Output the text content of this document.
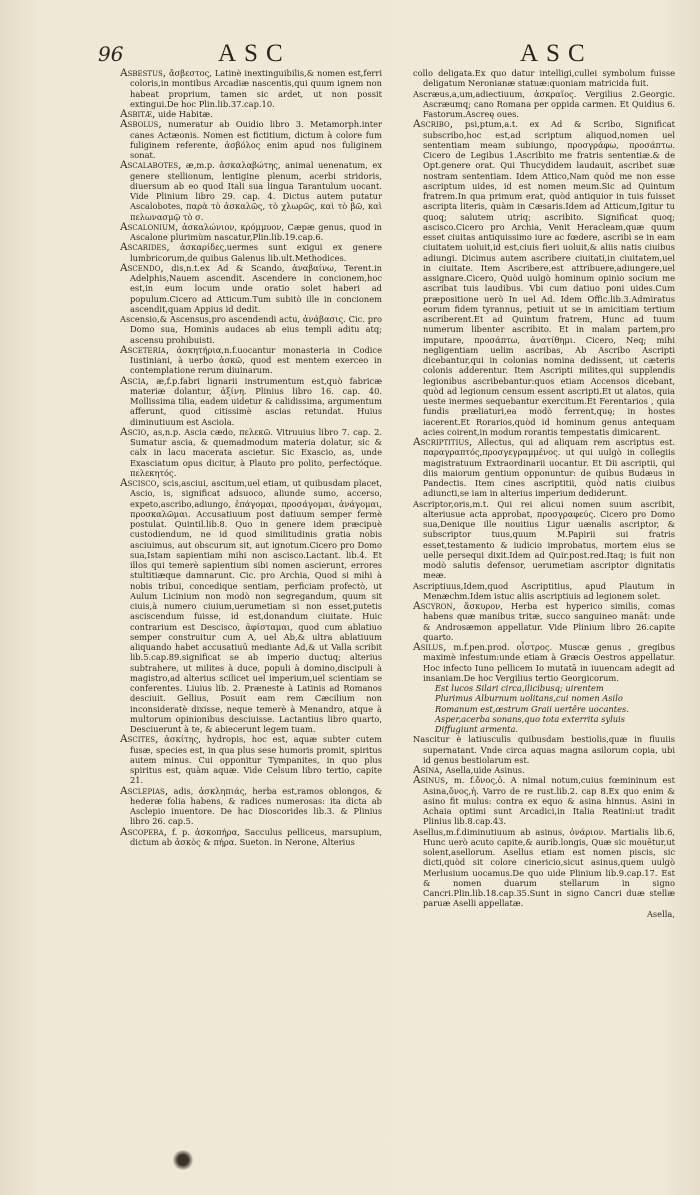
96	ASC	ASC

Asbestus, ἄσβεστος, Latinè inextinguibilis,& nomen est,ferri coloris,in montibus Arcadiæ nascentis,qui quum ignem non habeat proprium, tamen sic ardet, ut non possit extingui.De hoc Plin.lib.37.cap.10.

Asbitæ, uide Habitæ.

Asbolus, numeratur ab Ouidio libro 3. Metamorph.inter canes Actæonis. Nomen est fictitium, dictum à colore fum fuliginem referente, ἀσβόλος enim apud nos fuliginem sonat.

Ascalabotes, æ,m.p. ἀσκαλαβώτης, animal uenenatum, ex genere stellionum, lentigine plenum, acerbi stridoris, diuersum ab eo quod Itali sua lingua Tarantulum uocant. Vide Plinium libro 29. cap. 4. Dictus autem putatur Ascalobotes, παρὰ τὸ ἀσκαλῶς, τὸ χλωρῶς, καὶ τὸ βῶ, καὶ πελωνασμῷ τὸ σ.

Ascalonium, ἀσκαλώνιον, κρόμμυον, Cæpæ genus, quod in Ascalone plurimùm nascatur,Plin.lib.19.cap.6.

Ascarides, ἀσκαρίδες,uermes sunt exigui ex genere lumbricorum,de quibus Galenus lib.ult.Methodices.

Ascendo, dis,n.t.ex Ad & Scando, ἀναβαίνω, Terent.in Adelphis,Nauem ascendit. Ascendere in concionem,hoc est,in eum locum unde oratio solet haberi ad populum.Cicero ad Atticum.Tum subitò ille in concionem ascendit,quam Appius id dedit.

Ascensio,& Ascensus,pro ascendendi actu, ἀνάβασις. Cic. pro Domo sua, Hominis audaces ab eius templi aditu atq; ascensu prohibuisti.

Asceteria, ἀσκητήρια,n.f.uocantur monasteria in Codice Iustiniani, à uerbo ἀσκῶ, quod est mentem exerceo in contemplatione rerum diuinarum.

Ascia, æ,f.p.fabri lignarii instrumentum est,quò fabricæ materiæ dolantur, ἀξίνη. Plinius libro 16. cap. 40. Mollissima tilia, eadem uidetur & calidissima, argumentum afferunt, quod citissimè ascias retundat. Huius diminutiuum est Asciola.

Ascio, as,n.p. Ascia cædo, πελεκῶ. Vitruuius libro 7. cap. 2. Sumatur ascia, & quemadmodum materia dolatur, sic & calx in lacu macerata ascietur. Sic Exascio, as, unde Exasciatum opus dicitur, à Plauto pro polito, perfectóque. πελεκητός.

Ascisco, scis,asciui, ascitum,uel etiam, ut quibusdam placet, Ascio, is, significat adsuoco, aliunde sumo, accerso, expeto,ascribo,adiungo, ἐπάγομαι, προσάγομαι, ἀνάγομαι, προσκαλῶμαι. Accusatiuum post datiuum semper fermè postulat. Quintil.lib.8. Quo in genere idem præcipuè custodiendum, ne id quod similitudinis gratia nobis asciuimus, aut obscurum sit, aut ignotum.Cicero pro Domo sua,Istam sapientiam mihi non ascisco.Lactant. lib.4. Et illos qui temerè sapientium sibi nomen ascierunt, errores stultitiæque damnarunt. Cic. pro Archia, Quod si mihi à nobis tribui, concedique sentiam, perficiam profectò, ut Aulum Licinium non modò non segregandum, quum sit ciuis,à numero ciuium,uerumetiam si non esset,putetis asciscendum fuisse, id est,donandum ciuitate. Huic contrarium est Descisco, ἀφίσταμαι, quod cum ablatiuo semper construitur cum A, uel Ab,& ultra ablatiuum aliquando habet accusatiuū mediante Ad,& ut Valla scribit lib.5.cap.89.significat se ab imperio ductuq; alterius subtrahere, ut milites à duce, populi à domino,discipuli à magistro,ad alterius scilicet uel imperium,uel scientiam se conferentes. Liuius lib. 2. Præneste à Latinis ad Romanos desciuit. Gellius, Posuit eam rem Cæcilium non inconsideratè dixisse, neque temerè à Menandro, atque à multorum opinionibus desciuisse. Lactantius libro quarto, Desciuerunt à te, & abiecerunt legem tuam.

Ascites, ἀσκίτης, hydropis, hoc est, aquæ subter cutem fusæ, species est, in qua plus sese humoris promit, spiritus autem minus. Cui opponitur Tympanites, in quo plus spiritus est, quàm aquæ. Vide Celsum libro tertio, capite 21.

Asclepias, adis, ἀσκληπιάς, herba est,ramos oblongos, & hederæ folia habens, & radices numerosas: ita dicta ab Asclepio inuentore. De hac Dioscorides lib.3. & Plinius libro 26. cap.5.

Ascopera, f. p. ἀσκοπήρα, Sacculus pelliceus, marsupium, dictum ab ἀσκὸς & πήρα. Sueton. in Nerone, Alterius

collo deligata.Ex quo datur intelligi,cullei symbolum fuisse deligatum Neronianæ statuæ:quoniam matricida fuit.

Ascræus,a,um,adiectiuum, ἀσκραῖος. Vergilius 2.Georgic. Ascræumq; cano Romana per oppida carmen. Et Quidius 6. Fastorum.Ascreę oues.

Ascribo, psi,ptum,a.t. ex Ad & Scribo, Significat subscribo,hoc est,ad scriptum aliquod,nomen uel sententiam meam subiungo, προσγράφω, προσάπτω. Cicero de Legibus 1.Ascribito me fratris sententiæ.& de Opt.genere orat. Qui Thucydidem laudauit, ascribet suæ nostram sententiam. Idem Attico,Nam quòd me non esse ascriptum uides, id est nomen meum.Sic ad Quintum fratrem.In qua primum erat, quòd antiquior in tuis fuisset ascripta literis, quàm in Cæsaris.Idem ad Atticum,Igitur tu quoq; salutem utriq; ascribito. Significat quoq; ascisco.Cicero pro Archia, Venit Heracleam,quæ quum esset ciuitas antiquissimo iure ac fœdere, ascribi se in eam ciuitatem uoluit,id est,ciuis fieri uoluit,& aliis natis ciuibus adiungi. Dicimus autem ascribere ciuitati,in ciuitatem,uel in ciuitate. Item Ascribere,est attribuere,adiungere,uel assignare.Cicero, Quòd uulgò hominum opinio socium me ascribat tuis laudibus. Vbi cum datiuo poni uides.Cum præpositione uerò In uel Ad. Idem Offic.lib.3.Admiratus eorum fidem tyrannus, petiuit ut se in amicitiam tertium ascriberent.Et ad Quintum fratrem, Hunc ad tuum numerum libenter ascribito. Et in malam partem,pro imputare, προσάπτω, ἀνατίθημι. Cicero, Neq; mihi negligentiam uelim ascribas, Ab Ascribo Ascripti dicebantur,qui in colonias nomina dedissent, ut cæteris colonis adderentur. Item Ascripti milites,qui supplendis legionibus ascribebantur:quos etiam Accensos dicebant, quòd ad legionum censum essent ascripti.Et ut alatos, quia ueste inermes sequebantur exercitum.Et Ferentarios , quia fundis præliaturi,ea modò ferrent,quę; in hostes iacerent.Et Rorarios,quòd id hominum genus antequam acies coirent,in modum rorantis tempestatis dimicarent.

Ascriptitius, Allectus, qui ad aliquam rem ascriptus est. παραγραπτός,προσγεγραμμένος. ut qui uulgò in collegiis magistratuum Extraordinarii uocantur. Et Dii ascriptii, qui diis maiorum gentium opponuntur: de quibus Budæus in Pandectis. Item cines ascriptitii, quòd natis ciuibus adiuncti,se iam in alterius imperium dediderunt.

Ascriptor,oris,m.t. Qui rei alicui nomen suum ascribit, alteriusue acta approbat, προσγραφεύς. Cicero pro Domo sua,Denique ille nouitius Ligur uænalis ascriptor, & subscriptor tuus,quum M.Papirii sui fratris esset,testamento & iudicio improbatus, mortem eius se uelle persequi dixit.Idem ad Quir.post.red.Itaq; is fuit non modò salutis defensor, uerumetiam ascriptor dignitatis meæ.

Ascriptiuus,Idem,quod Ascriptitius, apud Plautum in Menæchm.Idem istuc aliis ascriptiuis ad legionem solet.

Ascyron, ἄσκυρον, Herba est hyperico similis, comas habens quæ manibus tritæ, succo sanguineo manāt: unde & Androsæmon appellatur. Vide Plinium libro 26.capite quarto.

Asilus, m.f.pen.prod. οἶστρος. Muscæ genus , gregibus maximè infestum:unde etiam à Græcis Oestros appellatur. Hoc infecto Iuno pellicem Io mutatā in iuuencam adegit ad insaniam.De hoc Vergilius tertio Georgicorum.

Est lucos Silari circa,ilicibusq; uirentem
Plurimus Alburnum uolitans,cui nomen Asilo
Romanum est,œstrum Graii uertêre uocantes.
Asper,acerba sonans,quo tota exterrita syluis
Diffugiunt armenta.

Nascitur è latiusculis quibusdam bestiolis,quæ in fluuiis supernatant. Vnde circa aquas magna asilorum copia, ubi id genus bestiolarum est.

Asina, Asella,uide Asinus.

Asinus, m. f.ὄνος,ὁ. A nimal notum,cuius fœmininum est Asina,ὄνος,ἡ. Varro de re rust.lib.2. cap 8.Ex quo enim & asino fit mulus: contra ex equo & asina hinnus. Asini in Achaia optimi sunt Arcadici,in Italia Reatini:ut tradit Plinius lib.8.cap.43.

Asellus,m.f.diminutiuum ab asinus, ὀνάριον. Martialis lib.6, Hunc uerò acuto capite,& aurib.longis, Quæ sic mouētur,ut solent,asellorum. Asellus etiam est nomen piscis, sic dicti,quòd sit colore cinericio,sicut asinus,quem uulgò Merlusium uocamus.De quo uide Plinium lib.9.cap.17. Est & nomen duarum stellarum in signo Cancri.Plin.lib.18.cap.35.Sunt in signo Cancri duæ stellæ paruæ Aselli appellatæ.

Asella,
